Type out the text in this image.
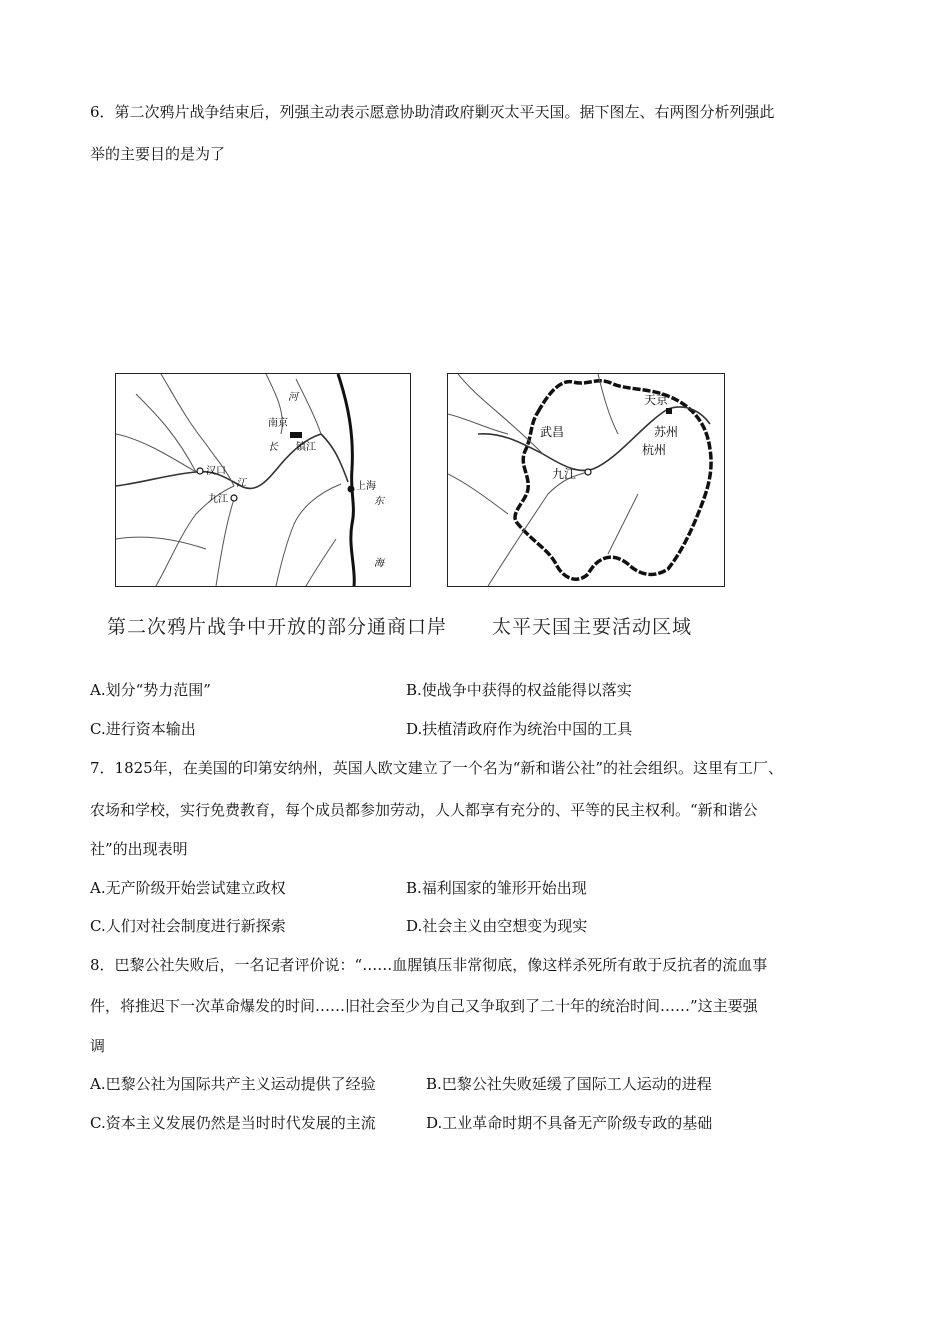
6．第二次鸦片战争结束后，列强主动表示愿意协助清政府剿灭太平天国。据下图左、右两图分析列强此
举的主要目的是为了
河
南京
长 镇江
汉口
江
九江
上海
东
海
天京
武昌	苏州
杭州
九江
第二次鸦片战争中开放的部分通商口岸 太平天国主要活动区域
A.划分“势力范围”	B.使战争中获得的权益能得以落实
C.进行资本输出	D.扶植清政府作为统治中国的工具
7．1825年，在美国的印第安纳州，英国人欧文建立了一个名为“新和谐公社”的社会组织。这里有工厂、
农场和学校，实行免费教育，每个成员都参加劳动，人人都享有充分的、平等的民主权利。“新和谐公
社”的出现表明
A.无产阶级开始尝试建立政权	B.福利国家的雏形开始出现
C.人们对社会制度进行新探索	D.社会主义由空想变为现实
8．巴黎公社失败后，一名记者评价说：“……血腥镇压非常彻底，像这样杀死所有敢于反抗者的流血事
件，将推迟下一次革命爆发的时间……旧社会至少为自己又争取到了二十年的统治时间……”这主要强
调
A.巴黎公社为国际共产主义运动提供了经验	B.巴黎公社失败延缓了国际工人运动的进程
C.资本主义发展仍然是当时时代发展的主流	D.工业革命时期不具备无产阶级专政的基础
